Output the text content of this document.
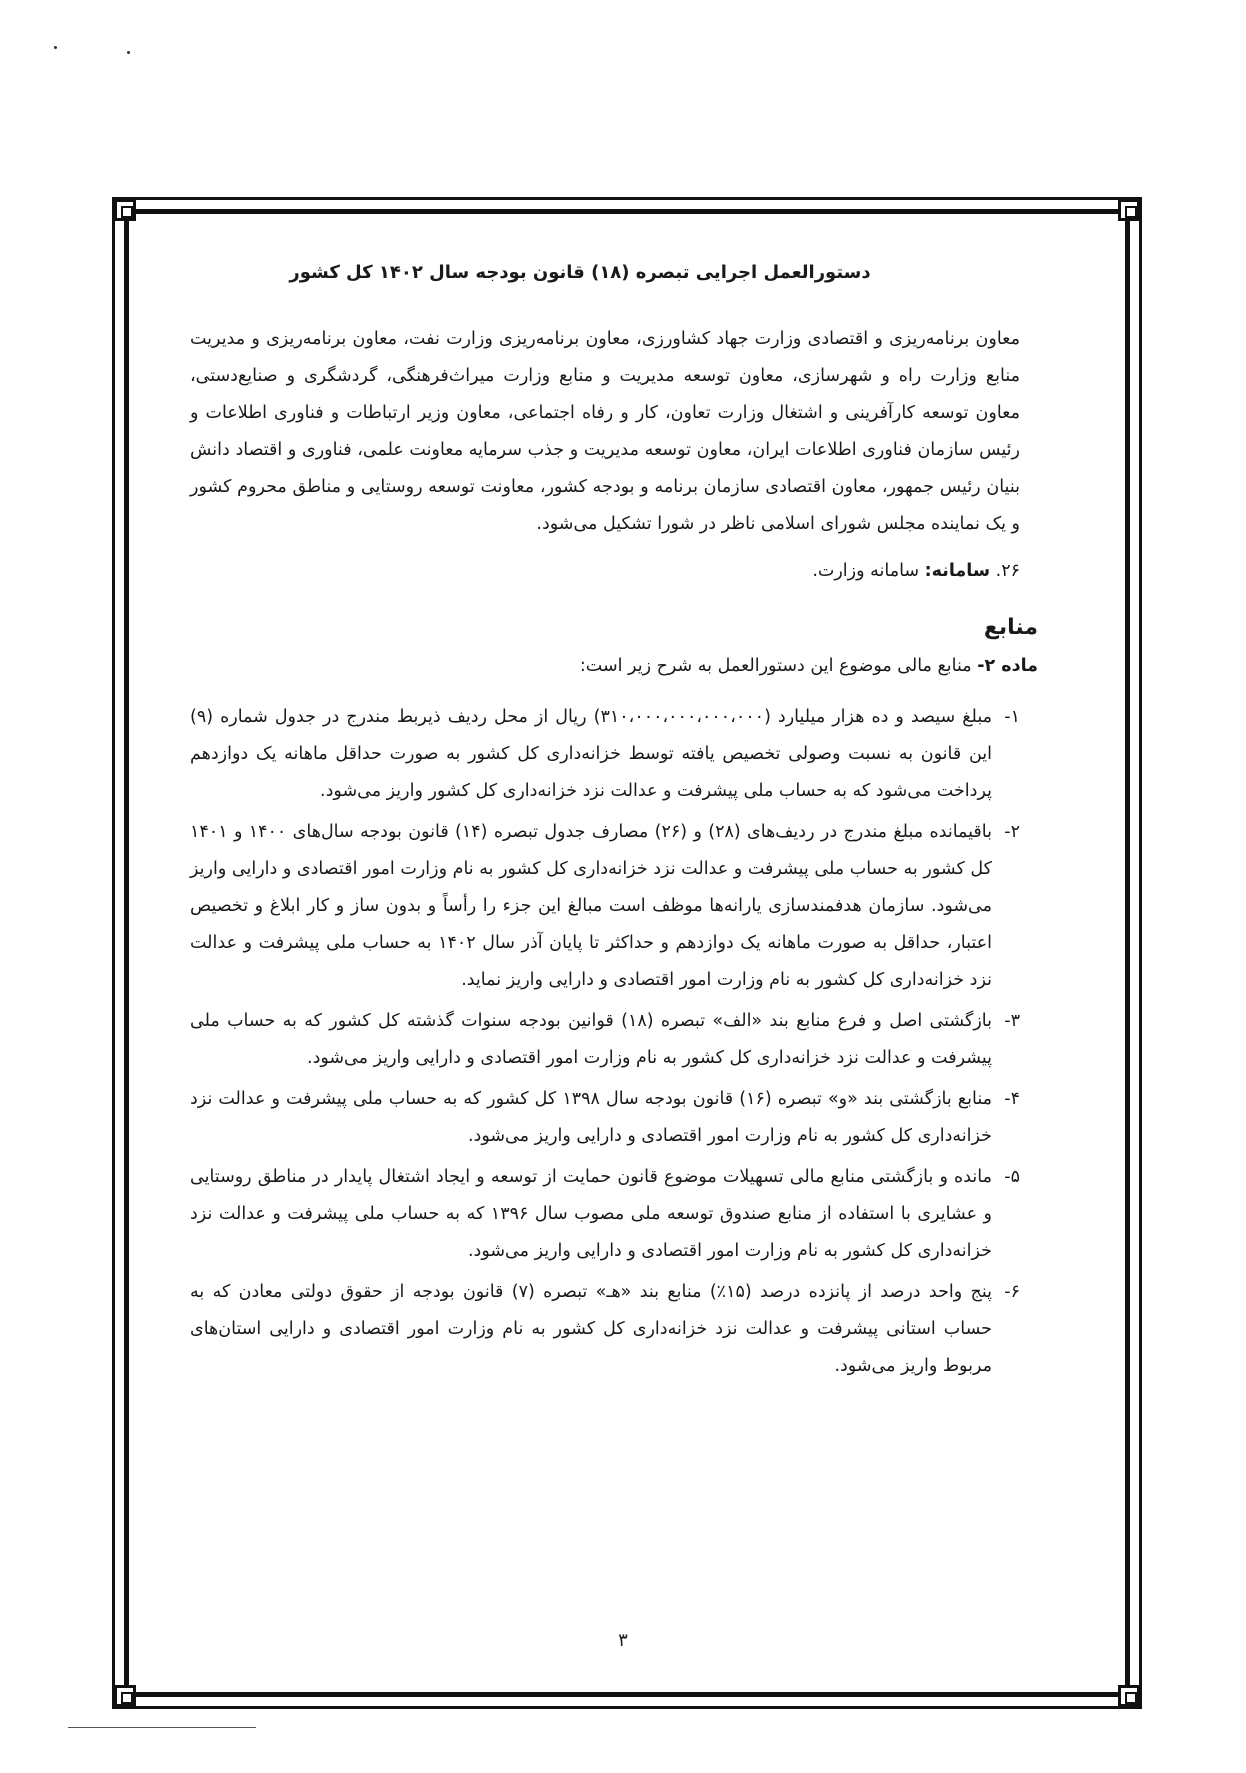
دستورالعمل اجرایی تبصره (۱۸) قانون بودجه سال ۱۴۰۲ کل کشور

معاون برنامه‌ریزی و اقتصادی وزارت جهاد کشاورزی، معاون برنامه‌ریزی وزارت نفت، معاون برنامه‌ریزی و مدیریت منابع وزارت راه و شهرسازی، معاون توسعه مدیریت و منابع وزارت میراث‌فرهنگی، گردشگری و صنایع‌دستی، معاون توسعه کارآفرینی و اشتغال وزارت تعاون، کار و رفاه اجتماعی، معاون وزیر ارتباطات و فناوری اطلاعات و رئیس سازمان فناوری اطلاعات ایران، معاون توسعه مدیریت و جذب سرمایه معاونت علمی، فناوری و اقتصاد دانش بنیان رئیس جمهور، معاون اقتصادی سازمان برنامه و بودجه کشور، معاونت توسعه روستایی و مناطق محروم کشور و یک نماینده مجلس شورای اسلامی ناظر در شورا تشکیل می‌شود.

۲۶. سامانه: سامانه وزارت.

منابع
ماده ۲- منابع مالی موضوع این دستورالعمل به شرح زیر است:
۱-
مبلغ سیصد و ده هزار میلیارد (۳۱۰،۰۰۰،۰۰۰،۰۰۰،۰۰۰) ریال از محل ردیف ذیربط مندرج در جدول شماره (۹) این قانون به نسبت وصولی تخصیص یافته توسط خزانه‌داری کل کشور به صورت حداقل ماهانه یک دوازدهم پرداخت می‌شود که به حساب ملی پیشرفت و عدالت نزد خزانه‌داری کل کشور واریز می‌شود.
۲-
باقیمانده مبلغ مندرج در ردیف‌های (۲۸) و (۲۶) مصارف جدول تبصره (۱۴) قانون بودجه سال‌های ۱۴۰۰ و ۱۴۰۱ کل کشور به حساب ملی پیشرفت و عدالت نزد خزانه‌داری کل کشور به نام وزارت امور اقتصادی و دارایی واریز می‌شود. سازمان هدفمندسازی یارانه‌ها موظف است مبالغ این جزء را رأساً و بدون ساز و کار ابلاغ و تخصیص اعتبار، حداقل به صورت ماهانه یک دوازدهم و حداکثر تا پایان آذر سال ۱۴۰۲ به حساب ملی پیشرفت و عدالت نزد خزانه‌داری کل کشور به نام وزارت امور اقتصادی و دارایی واریز نماید.
۳-
بازگشتی اصل و فرع منابع بند «الف» تبصره (۱۸) قوانین بودجه سنوات گذشته کل کشور که به حساب ملی پیشرفت و عدالت نزد خزانه‌داری کل کشور به نام وزارت امور اقتصادی و دارایی واریز می‌شود.
۴-
منابع بازگشتی بند «و» تبصره (۱۶) قانون بودجه سال ۱۳۹۸ کل کشور که به حساب ملی پیشرفت و عدالت نزد خزانه‌داری کل کشور به نام وزارت امور اقتصادی و دارایی واریز می‌شود.
۵-
مانده و بازگشتی منابع مالی تسهیلات موضوع قانون حمایت از توسعه و ایجاد اشتغال پایدار در مناطق روستایی و عشایری با استفاده از منابع صندوق توسعه ملی مصوب سال ۱۳۹۶ که به حساب ملی پیشرفت و عدالت نزد خزانه‌داری کل کشور به نام وزارت امور اقتصادی و دارایی واریز می‌شود.
۶-
پنج واحد درصد از پانزده درصد (۱۵٪) منابع بند «هـ» تبصره (۷) قانون بودجه از حقوق دولتی معادن که به حساب استانی پیشرفت و عدالت نزد خزانه‌داری کل کشور به نام وزارت امور اقتصادی و دارایی استان‌های مربوط واریز می‌شود.
۳
